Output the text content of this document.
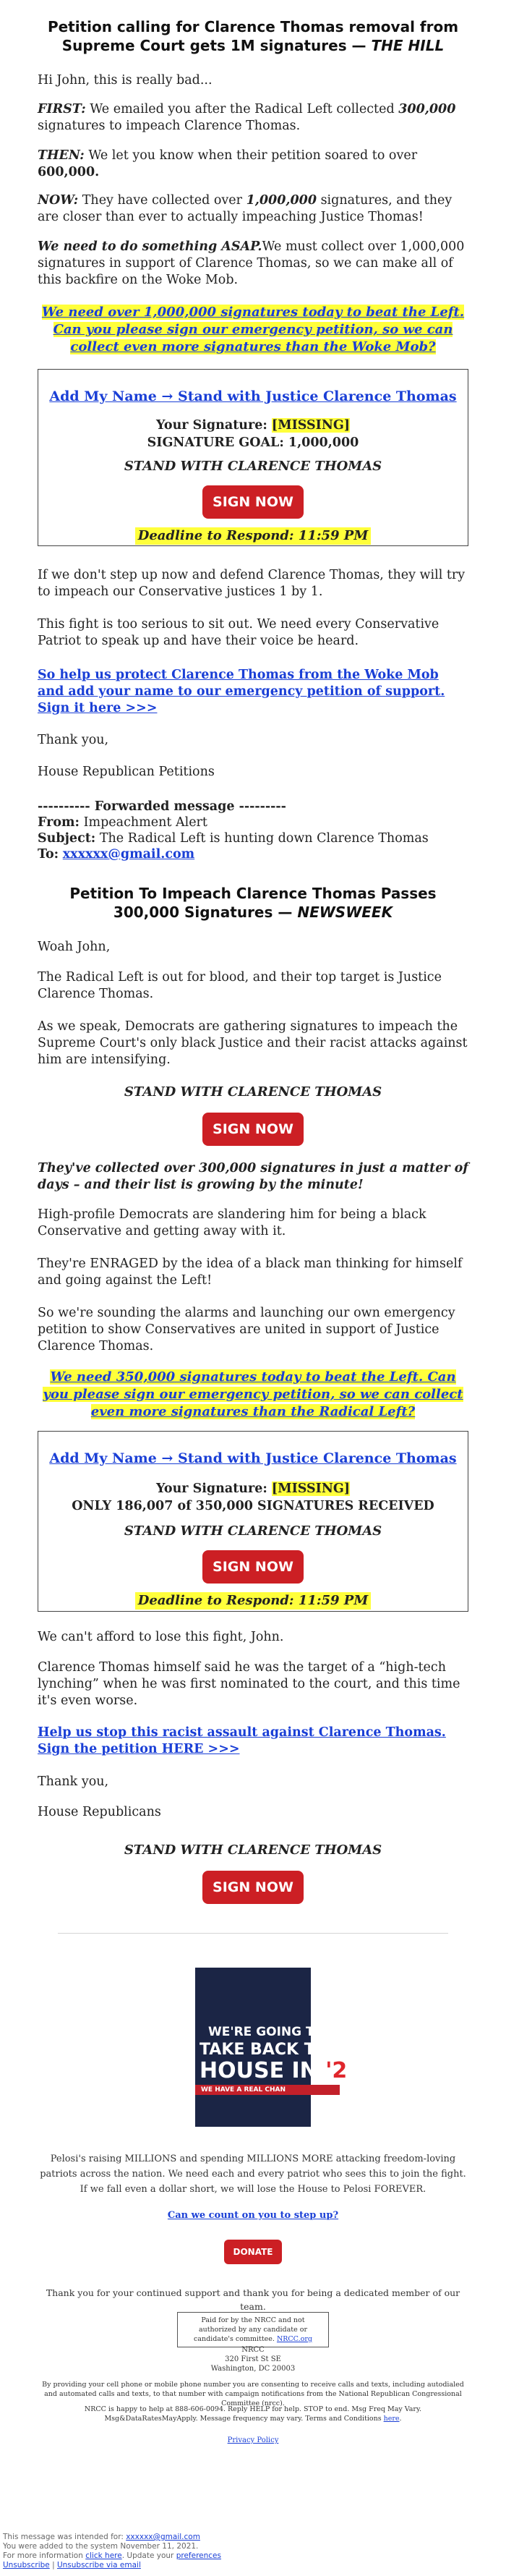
Petition calling for Clarence Thomas removal from Supreme Court gets 1M signatures — THE HILL
Hi John, this is really bad...
FIRST: We emailed you after the Radical Left collected 300,000 signatures to impeach Clarence Thomas.
THEN: We let you know when their petition soared to over 600,000.
NOW: They have collected over 1,000,000 signatures, and they are closer than ever to actually impeaching Justice Thomas!
We need to do something ASAP.We must collect over 1,000,000 signatures in support of Clarence Thomas, so we can make all of this backfire on the Woke Mob.
We need over 1,000,000 signatures today to beat the Left. Can you please sign our emergency petition, so we can collect even more signatures than the Woke Mob?
Add My Name → Stand with Justice Clarence Thomas
Your Signature: [MISSING]
SIGNATURE GOAL: 1,000,000
STAND WITH CLARENCE THOMAS
SIGN NOW
Deadline to Respond: 11:59 PM
If we don't step up now and defend Clarence Thomas, they will try to impeach our Conservative justices 1 by 1.
This fight is too serious to sit out. We need every Conservative Patriot to speak up and have their voice be heard.
So help us protect Clarence Thomas from the Woke Mob and add your name to our emergency petition of support. Sign it here >>>
Thank you,
House Republican Petitions
---------- Forwarded message ---------
From: Impeachment Alert
Subject: The Radical Left is hunting down Clarence Thomas
To: xxxxxx@gmail.com
Petition To Impeach Clarence Thomas Passes 300,000 Signatures — NEWSWEEK
Woah John,
The Radical Left is out for blood, and their top target is Justice Clarence Thomas.
As we speak, Democrats are gathering signatures to impeach the Supreme Court's only black Justice and their racist attacks against him are intensifying.
STAND WITH CLARENCE THOMAS
SIGN NOW
They've collected over 300,000 signatures in just a matter of days – and their list is growing by the minute!
High-profile Democrats are slandering him for being a black Conservative and getting away with it.
They're ENRAGED by the idea of a black man thinking for himself and going against the Left!
So we're sounding the alarms and launching our own emergency petition to show Conservatives are united in support of Justice Clarence Thomas.
We need 350,000 signatures today to beat the Left. Can you please sign our emergency petition, so we can collect even more signatures than the Radical Left?
Add My Name → Stand with Justice Clarence Thomas
Your Signature: [MISSING]
ONLY 186,007 of 350,000 SIGNATURES RECEIVED
STAND WITH CLARENCE THOMAS
SIGN NOW
Deadline to Respond: 11:59 PM
We can't afford to lose this fight, John.
Clarence Thomas himself said he was the target of a “high-tech lynching” when he was first nominated to the court, and this time it's even worse.
Help us stop this racist assault against Clarence Thomas. Sign the petition HERE >>>
Thank you,
House Republicans
STAND WITH CLARENCE THOMAS
SIGN NOW
WE'RE GOING T
TAKE BACK TH
HOUSE IN '2
WE HAVE A REAL CHAN
Pelosi's raising MILLIONS and spending MILLIONS MORE attacking freedom-loving patriots across the nation. We need each and every patriot who sees this to join the fight. If we fall even a dollar short, we will lose the House to Pelosi FOREVER.
Can we count on you to step up?
DONATE
Thank you for your continued support and thank you for being a dedicated member of our team.
Paid for by the NRCC and not authorized by any candidate or candidate's committee. NRCC.org
NRCC
320 First St SE
Washington, DC 20003
By providing your cell phone or mobile phone number you are consenting to receive calls and texts, including autodialed and automated calls and texts, to that number with campaign notifications from the National Republican Congressional Committee (nrcc).
NRCC is happy to help at 888-606-0094. Reply HELP for help. STOP to end. Msg Freq May Vary. Msg&DataRatesMayApply. Message frequency may vary. Terms and Conditions here.
Privacy Policy
This message was intended for: xxxxxx@gmail.com
You were added to the system November 11, 2021.
For more information click here. Update your preferences
Unsubscribe | Unsubscribe via email
